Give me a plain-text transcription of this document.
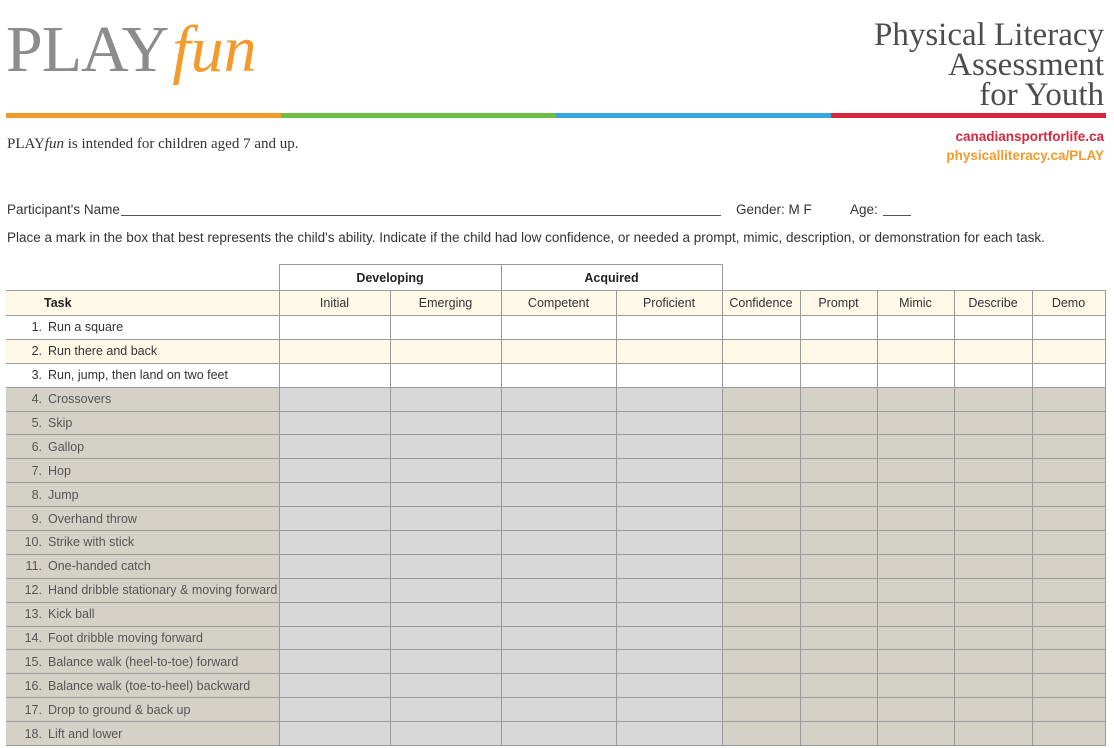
PLAYfun	Physical Literacy
Assessment
for Youth
PLAYfun is intended for children aged 7 and up.	canadiansportforlife.ca
physicalliteracy.ca/PLAY
Participant's Name	Gender: M F	Age:
Place a mark in the box that best represents the child's ability. Indicate if the child had low confidence, or needed a prompt, mimic, description, or demonstration for each task.
	Developing		Acquired						
Task	Initial	Emerging	Competent	Proficient	Confidence	Prompt	Mimic	Describe	Demo
1. Run a square									
2. Run there and back									
3. Run, jump, then land on two feet									
4. Crossovers									
5. Skip									
6. Gallop									
7. Hop									
8. Jump									
9. Overhand throw									
10. Strike with stick									
11. One-handed catch									
12. Hand dribble stationary & moving forward									
13. Kick ball									
14. Foot dribble moving forward									
15. Balance walk (heel-to-toe) forward									
16. Balance walk (toe-to-heel) backward									
17. Drop to ground & back up									
18. Lift and lower									
